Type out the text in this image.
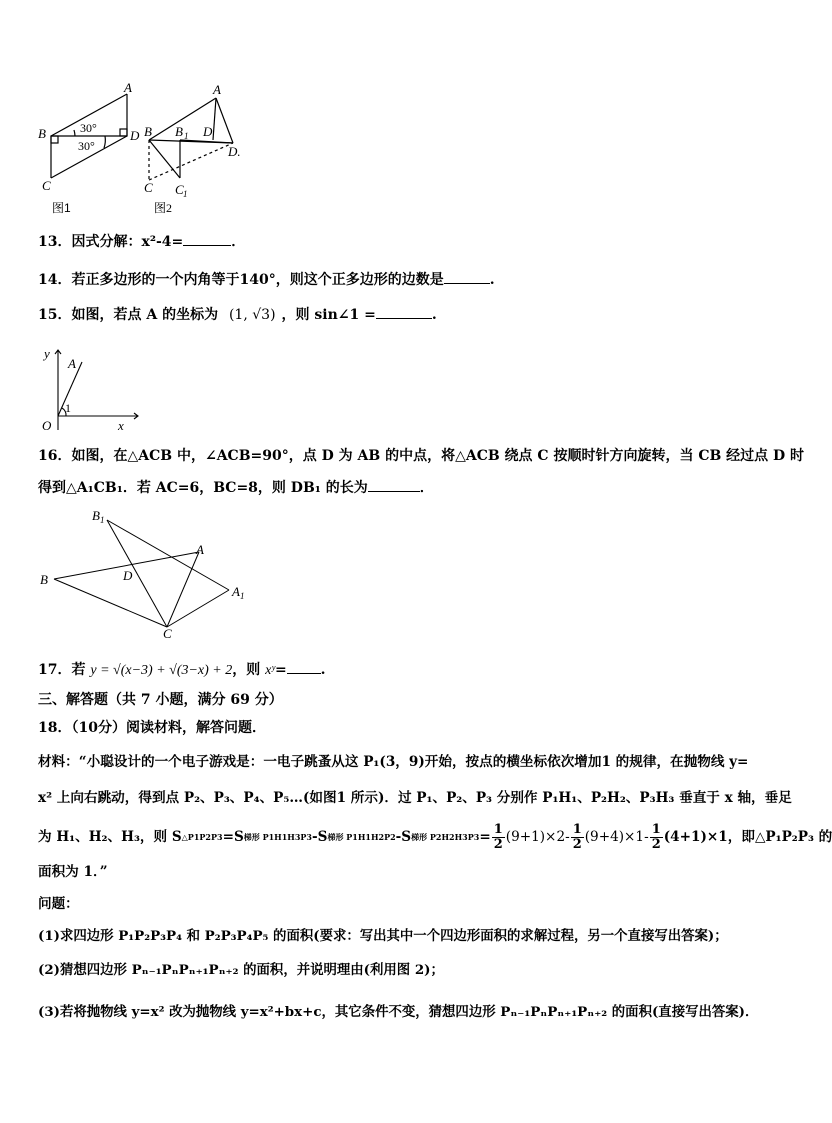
A
B	D
C
30°
30°
图1
A
B B 1 D
D.
C C 1
图2
13．因式分解：x²-4=	．
14．若正多边形的一个内角等于140°，则这个正多边形的边数是	.
15．如图，若点 A 的坐标为 (1, √3) ，则 sin∠1 =	.
y
x
O
A
1
16．如图，在△ACB 中，∠ACB=90°，点 D 为 AB 的中点，将△ACB 绕点 C 按顺时针方向旋转，当 CB 经过点 D 时
得到△A₁CB₁．若 AC=6，BC=8，则 DB₁ 的长为	．
B 1
A
B	D
A 1
C
17．若 y = √(x−3) + √(3−x) + 2，则 xʸ= .
三、解答题（共 7 小题，满分 69 分）
18．（10分）阅读材料，解答问题．
材料：“小聪设计的一个电子游戏是：一电子跳蚤从这 P₁(3，9)开始，按点的横坐标依次增加1 的规律，在抛物线 y=
x² 上向右跳动，得到点 P₂、P₃、P₄、P₅…(如图1 所示)．过 P₁、P₂、P₃ 分别作 P₁H₁、P₂H₂、P₃H₃ 垂直于 x 轴，垂足
为 H₁、H₂、H₃，则 S △P1P2P3 =S 梯形 P1H1H3P3 -S 梯形 P1H1H2P2 -S 梯形 $P2H2H3P3 = \frac{1}{2} (9+1)\times 2- \frac{1}{2} (9+4)\times 1- \frac{1}{2} (4+1)\times 1$，即△P₁P₂P₃ 的
面积为 1．”
问题：
(1)求四边形 P₁P₂P₃P₄ 和 P₂P₃P₄P₅ 的面积(要求：写出其中一个四边形面积的求解过程，另一个直接写出答案)；
(2)猜想四边形 Pₙ₋₁PₙPₙ₊₁Pₙ₊₂ 的面积，并说明理由(利用图 2)；
(3)若将抛物线 y=x² 改为抛物线 y=x²+bx+c，其它条件不变，猜想四边形 Pₙ₋₁PₙPₙ₊₁Pₙ₊₂ 的面积(直接写出答案)．
